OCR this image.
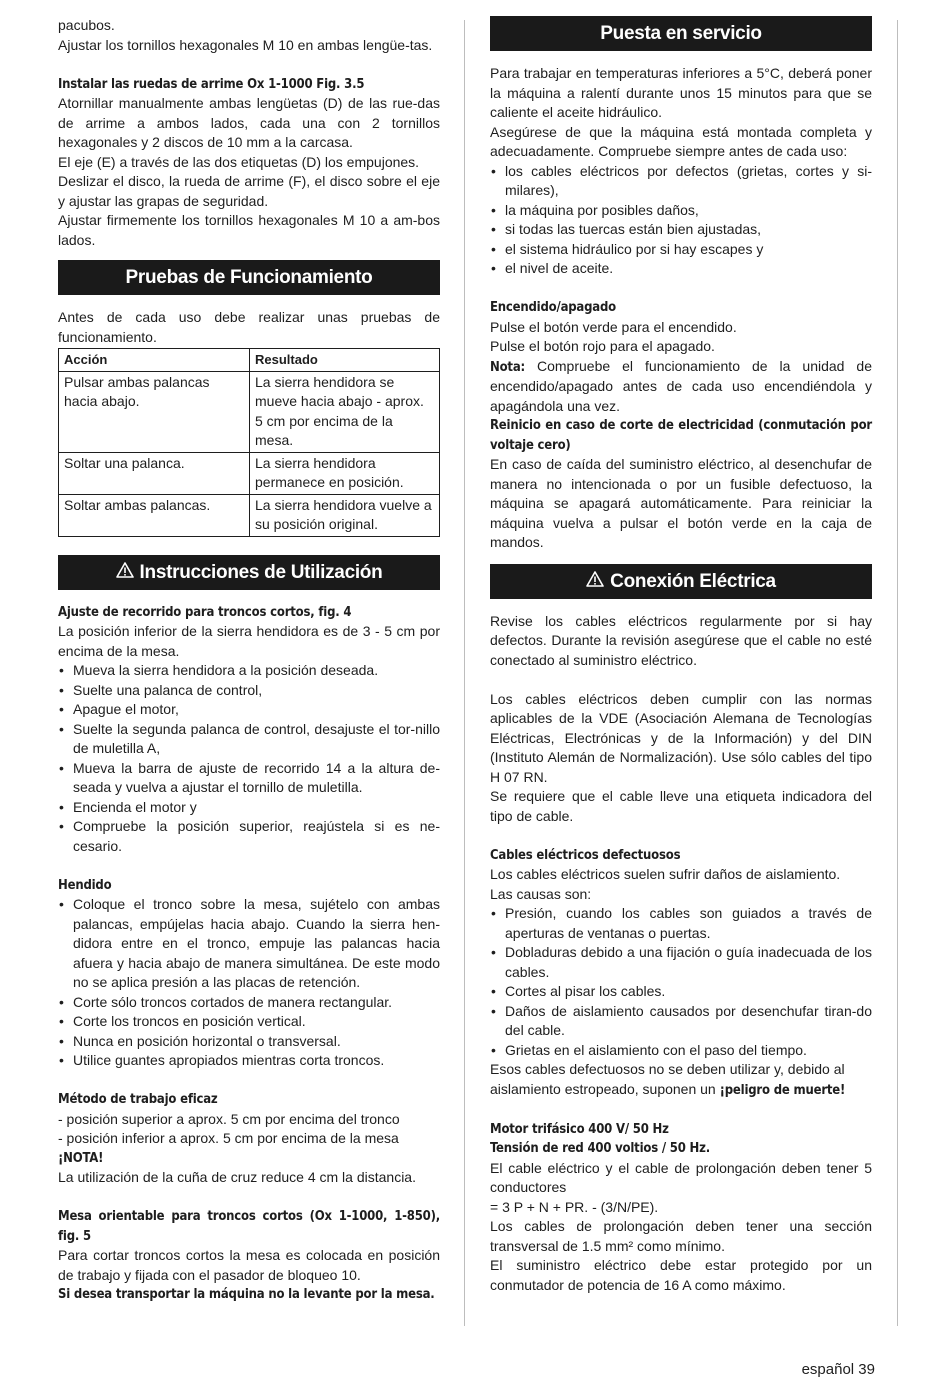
pacubos.

Ajustar los tornillos hexagonales M 10 en ambas lengüe-tas.

Instalar las ruedas de arrime Ox 1-1000 Fig. 3.5

Atornillar manualmente ambas lengüetas (D) de las rue-das de arrime a ambos lados, cada una con 2 tornillos hexagonales y 2 discos de 10 mm a la carcasa.

El eje (E) a través de las dos etiquetas (D) los empujones.

Deslizar el disco, la rueda de arrime (F), el disco sobre el eje y ajustar las grapas de seguridad.

Ajustar firmemente los tornillos hexagonales M 10 a am-bos lados.

Pruebas de Funcionamiento

Antes de cada uso debe realizar unas pruebas de funcionamiento.

Acción	Resultado
Pulsar ambas palancas hacia abajo.	La sierra hendidora se mueve hacia abajo - aprox. 5 cm por encima de la mesa.
Soltar una palanca.	La sierra hendidora permanece en posición.
Soltar ambas palancas.	La sierra hendidora vuelve a su posición original.
Instrucciones de Utilización

Ajuste de recorrido para troncos cortos, fig. 4

La posición inferior de la sierra hendidora es de 3 - 5 cm por encima de la mesa.

• Mueva la sierra hendidora a la posición deseada.
• Suelte una palanca de control,
• Apague el motor,
• Suelte la segunda palanca de control, desajuste el tor-nillo de muletilla A,
• Mueva la barra de ajuste de recorrido 14 a la altura de-seada y vuelva a ajustar el tornillo de muletilla.
• Encienda el motor y
• Compruebe la posición superior, reajústela si es ne-cesario.

Hendido

• Coloque el tronco sobre la mesa, sujételo con ambas palancas, empújelas hacia abajo. Cuando la sierra hen-didora entre en el tronco, empuje las palancas hacia afuera y hacia abajo de manera simultánea. De este modo no se aplica presión a las placas de retención.
• Corte sólo troncos cortados de manera rectangular.
• Corte los troncos en posición vertical.
• Nunca en posición horizontal o transversal.
• Utilice guantes apropiados mientras corta troncos.

Método de trabajo eficaz

- posición superior a aprox. 5 cm por encima del tronco

- posición inferior a aprox. 5 cm por encima de la mesa

¡NOTA!

La utilización de la cuña de cruz reduce 4 cm la distancia.

Mesa orientable para troncos cortos (Ox 1-1000, 1-850), fig. 5

Para cortar troncos cortos la mesa es colocada en posición de trabajo y fijada con el pasador de bloqueo 10.

Si desea transportar la máquina no la levante por la mesa.

Puesta en servicio

Para trabajar en temperaturas inferiores a 5°C, deberá poner la máquina a ralentí durante unos 15 minutos para que se caliente el aceite hidráulico.

Asegúrese de que la máquina está montada completa y adecuadamente. Compruebe siempre antes de cada uso:

• los cables eléctricos por defectos (grietas, cortes y si-milares),
• la máquina por posibles daños,
• si todas las tuercas están bien ajustadas,
• el sistema hidráulico por si hay escapes y
• el nivel de aceite.

Encendido/apagado

Pulse el botón verde para el encendido.

Pulse el botón rojo para el apagado.

Nota: Compruebe el funcionamiento de la unidad de encendido/apagado antes de cada uso encendiéndola y apagándola una vez.

Reinicio en caso de corte de electricidad (conmutación por voltaje cero)

En caso de caída del suministro eléctrico, al desenchufar de manera no intencionada o por un fusible defectuoso, la máquina se apagará automáticamente. Para reiniciar la máquina vuelva a pulsar el botón verde en la caja de mandos.

Conexión Eléctrica

Revise los cables eléctricos regularmente por si hay defectos. Durante la revisión asegúrese que el cable no esté conectado al suministro eléctrico.

Los cables eléctricos deben cumplir con las normas aplicables de la VDE (Asociación Alemana de Tecnologías Eléctricas, Electrónicas y de la Información) y del DIN (Instituto Alemán de Normalización). Use sólo cables del tipo H 07 RN.

Se requiere que el cable lleve una etiqueta indicadora del tipo de cable.

Cables eléctricos defectuosos

Los cables eléctricos suelen sufrir daños de aislamiento.

Las causas son:

• Presión, cuando los cables son guiados a través de aperturas de ventanas o puertas.
• Dobladuras debido a una fijación o guía inadecuada de los cables.
• Cortes al pisar los cables.
• Daños de aislamiento causados por desenchufar tiran-do del cable.
• Grietas en el aislamiento con el paso del tiempo.

Esos cables defectuosos no se deben utilizar y, debido al aislamiento estropeado, suponen un ¡peligro de muerte!

Motor trifásico 400 V/ 50 Hz

Tensión de red 400 voltios / 50 Hz.

El cable eléctrico y el cable de prolongación deben tener 5 conductores

= 3 P + N + PR. - (3/N/PE).

Los cables de prolongación deben tener una sección transversal de 1.5 mm² como mínimo.

El suministro eléctrico debe estar protegido por un conmutador de potencia de 16 A como máximo.

español 39
